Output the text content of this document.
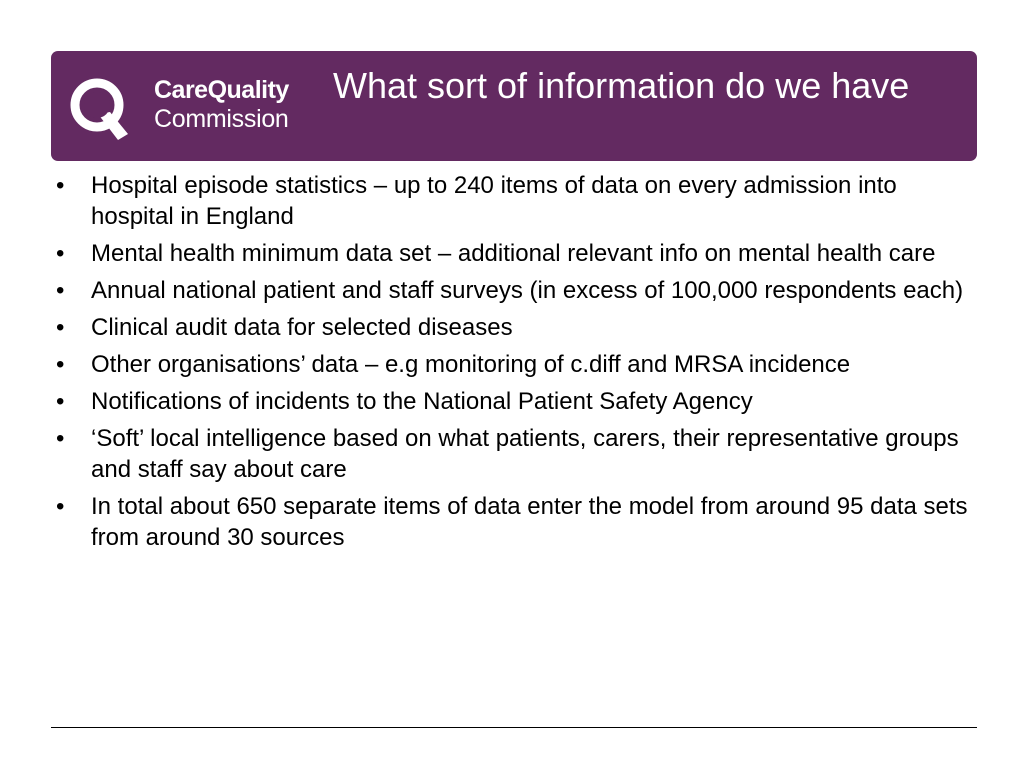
CareQuality
Commission
What sort of information do we have
• Hospital episode statistics – up to 240 items of data on every admission into hospital in England
• Mental health minimum data set – additional relevant info on mental health care
• Annual national patient and staff surveys (in excess of 100,000 respondents each)
• Clinical audit data for selected diseases
• Other organisations’ data – e.g monitoring of c.diff and MRSA incidence
• Notifications of incidents to the National Patient Safety Agency
• ‘Soft’ local intelligence based on what patients, carers, their representative groups and staff say about care
• In total about 650 separate items of data enter the model from around 95 data sets from around 30 sources
